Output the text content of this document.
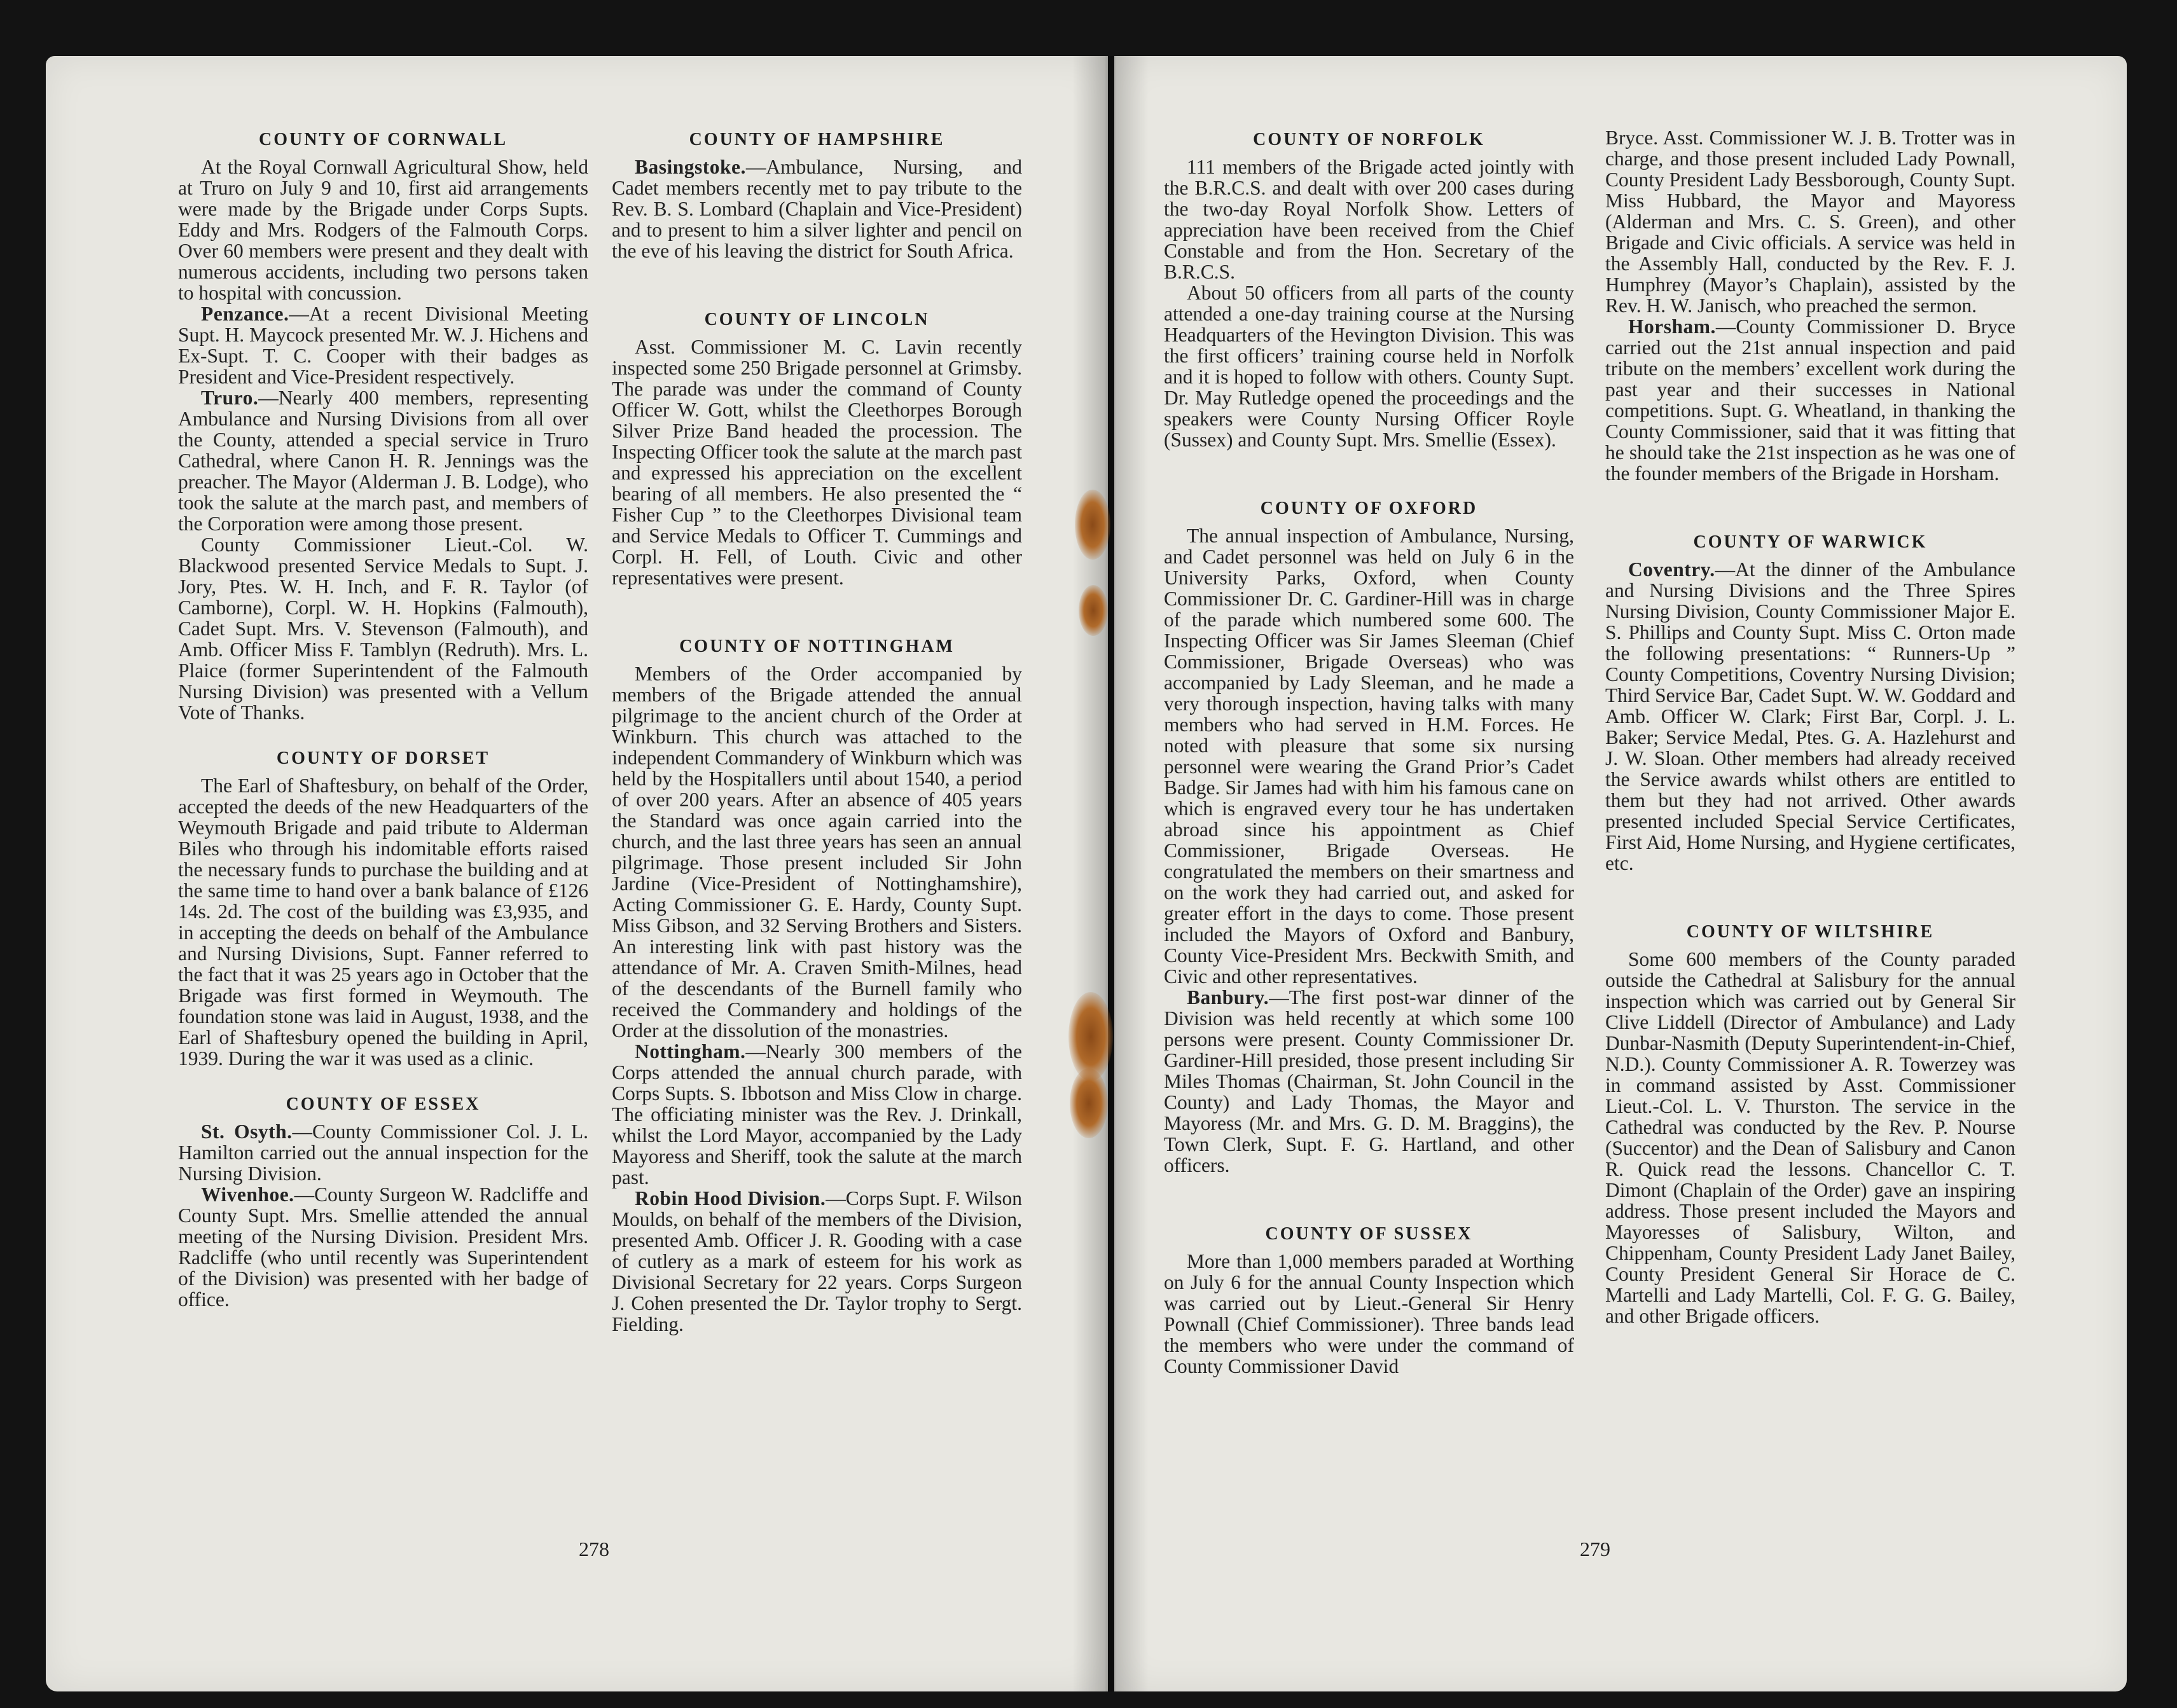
COUNTY OF CORNWALL

At the Royal Cornwall Agricultural Show, held at Truro on July 9 and 10, first aid arrangements were made by the Brigade under Corps Supts. Eddy and Mrs. Rodgers of the Falmouth Corps. Over 60 members were present and they dealt with numerous accidents, including two persons taken to hospital with concussion.

Penzance.—At a recent Divisional Meeting Supt. H. Maycock presented Mr. W. J. Hichens and Ex-Supt. T. C. Cooper with their badges as President and Vice-President respectively.

Truro.—Nearly 400 members, representing Ambulance and Nursing Divisions from all over the County, attended a special service in Truro Cathedral, where Canon H. R. Jennings was the preacher. The Mayor (Alderman J. B. Lodge), who took the salute at the march past, and members of the Corporation were among those present.

County Commissioner Lieut.-Col. W. Blackwood presented Service Medals to Supt. J. Jory, Ptes. W. H. Inch, and F. R. Taylor (of Camborne), Corpl. W. H. Hopkins (Falmouth), Cadet Supt. Mrs. V. Stevenson (Falmouth), and Amb. Officer Miss F. Tamblyn (Redruth). Mrs. L. Plaice (former Superintendent of the Falmouth Nursing Division) was presented with a Vellum Vote of Thanks.

COUNTY OF DORSET

The Earl of Shaftesbury, on behalf of the Order, accepted the deeds of the new Headquarters of the Weymouth Brigade and paid tribute to Alderman Biles who through his indomitable efforts raised the necessary funds to purchase the building and at the same time to hand over a bank balance of £126 14s. 2d. The cost of the building was £3,935, and in accepting the deeds on behalf of the Ambulance and Nursing Divisions, Supt. Fanner referred to the fact that it was 25 years ago in October that the Brigade was first formed in Weymouth. The foundation stone was laid in August, 1938, and the Earl of Shaftesbury opened the building in April, 1939. During the war it was used as a clinic.

COUNTY OF ESSEX

St. Osyth.—County Commissioner Col. J. L. Hamilton carried out the annual inspection for the Nursing Division.

Wivenhoe.—County Surgeon W. Radcliffe and County Supt. Mrs. Smellie attended the annual meeting of the Nursing Division. President Mrs. Radcliffe (who until recently was Superintendent of the Division) was presented with her badge of office.

COUNTY OF HAMPSHIRE

Basingstoke.—Ambulance, Nursing, and Cadet members recently met to pay tribute to the Rev. B. S. Lombard (Chaplain and Vice-President) and to present to him a silver lighter and pencil on the eve of his leaving the district for South Africa.

COUNTY OF LINCOLN

Asst. Commissioner M. C. Lavin recently inspected some 250 Brigade personnel at Grimsby. The parade was under the command of County Officer W. Gott, whilst the Cleethorpes Borough Silver Prize Band headed the procession. The Inspecting Officer took the salute at the march past and expressed his appreciation on the excellent bearing of all members. He also presented the “ Fisher Cup ” to the Cleethorpes Divisional team and Service Medals to Officer T. Cummings and Corpl. H. Fell, of Louth. Civic and other representatives were present.

COUNTY OF NOTTINGHAM

Members of the Order accompanied by members of the Brigade attended the annual pilgrimage to the ancient church of the Order at Winkburn. This church was attached to the independent Commandery of Winkburn which was held by the Hospitallers until about 1540, a period of over 200 years. After an absence of 405 years the Standard was once again carried into the church, and the last three years has seen an annual pilgrimage. Those present included Sir John Jardine (Vice-President of Nottinghamshire), Acting Commissioner G. E. Hardy, County Supt. Miss Gibson, and 32 Serving Brothers and Sisters. An interesting link with past history was the attendance of Mr. A. Craven Smith-Milnes, head of the descendants of the Burnell family who received the Commandery and holdings of the Order at the dissolution of the monastries.

Nottingham.—Nearly 300 members of the Corps attended the annual church parade, with Corps Supts. S. Ibbotson and Miss Clow in charge. The officiating minister was the Rev. J. Drinkall, whilst the Lord Mayor, accompanied by the Lady Mayoress and Sheriff, took the salute at the march past.

Robin Hood Division.—Corps Supt. F. Wilson Moulds, on behalf of the members of the Division, presented Amb. Officer J. R. Gooding with a case of cutlery as a mark of esteem for his work as Divisional Secretary for 22 years. Corps Surgeon J. Cohen presented the Dr. Taylor trophy to Sergt. Fielding.

278
COUNTY OF NORFOLK

111 members of the Brigade acted jointly with the B.R.C.S. and dealt with over 200 cases during the two-day Royal Norfolk Show. Letters of appreciation have been received from the Chief Constable and from the Hon. Secretary of the B.R.C.S.

About 50 officers from all parts of the county attended a one-day training course at the Nursing Headquarters of the Hevington Division. This was the first officers’ training course held in Norfolk and it is hoped to follow with others. County Supt. Dr. May Rutledge opened the proceedings and the speakers were County Nursing Officer Royle (Sussex) and County Supt. Mrs. Smellie (Essex).

COUNTY OF OXFORD

The annual inspection of Ambulance, Nursing, and Cadet personnel was held on July 6 in the University Parks, Oxford, when County Commissioner Dr. C. Gardiner-Hill was in charge of the parade which numbered some 600. The Inspecting Officer was Sir James Sleeman (Chief Commissioner, Brigade Overseas) who was accompanied by Lady Sleeman, and he made a very thorough inspection, having talks with many members who had served in H.M. Forces. He noted with pleasure that some six nursing personnel were wearing the Grand Prior’s Cadet Badge. Sir James had with him his famous cane on which is engraved every tour he has undertaken abroad since his appointment as Chief Commissioner, Brigade Overseas. He congratulated the members on their smartness and on the work they had carried out, and asked for greater effort in the days to come. Those present included the Mayors of Oxford and Banbury, County Vice-President Mrs. Beckwith Smith, and Civic and other representatives.

Banbury.—The first post-war dinner of the Division was held recently at which some 100 persons were present. County Commissioner Dr. Gardiner-Hill presided, those present including Sir Miles Thomas (Chairman, St. John Council in the County) and Lady Thomas, the Mayor and Mayoress (Mr. and Mrs. G. D. M. Braggins), the Town Clerk, Supt. F. G. Hartland, and other officers.

COUNTY OF SUSSEX

More than 1,000 members paraded at Worthing on July 6 for the annual County Inspection which was carried out by Lieut.-General Sir Henry Pownall (Chief Commissioner). Three bands lead the members who were under the command of County Commissioner David

Bryce. Asst. Commissioner W. J. B. Trotter was in charge, and those present included Lady Pownall, County President Lady Bessborough, County Supt. Miss Hubbard, the Mayor and Mayoress (Alderman and Mrs. C. S. Green), and other Brigade and Civic officials. A service was held in the Assembly Hall, conducted by the Rev. F. J. Humphrey (Mayor’s Chaplain), assisted by the Rev. H. W. Janisch, who preached the sermon.

Horsham.—County Commissioner D. Bryce carried out the 21st annual inspection and paid tribute on the members’ excellent work during the past year and their successes in National competitions. Supt. G. Wheatland, in thanking the County Commissioner, said that it was fitting that he should take the 21st inspection as he was one of the founder members of the Brigade in Horsham.

COUNTY OF WARWICK

Coventry.—At the dinner of the Ambulance and Nursing Divisions and the Three Spires Nursing Division, County Commissioner Major E. S. Phillips and County Supt. Miss C. Orton made the following presentations: “ Runners-Up ” County Competitions, Coventry Nursing Division; Third Service Bar, Cadet Supt. W. W. Goddard and Amb. Officer W. Clark; First Bar, Corpl. J. L. Baker; Service Medal, Ptes. G. A. Hazlehurst and J. W. Sloan. Other members had already received the Service awards whilst others are entitled to them but they had not arrived. Other awards presented included Special Service Certificates, First Aid, Home Nursing, and Hygiene certificates, etc.

COUNTY OF WILTSHIRE

Some 600 members of the County paraded outside the Cathedral at Salisbury for the annual inspection which was carried out by General Sir Clive Liddell (Director of Ambulance) and Lady Dunbar-Nasmith (Deputy Superintendent-in-Chief, N.D.). County Commissioner A. R. Towerzey was in command assisted by Asst. Commissioner Lieut.-Col. L. V. Thurston. The service in the Cathedral was conducted by the Rev. P. Nourse (Succentor) and the Dean of Salisbury and Canon R. Quick read the lessons. Chancellor C. T. Dimont (Chaplain of the Order) gave an inspiring address. Those present included the Mayors and Mayoresses of Salisbury, Wilton, and Chippenham, County President Lady Janet Bailey, County President General Sir Horace de C. Martelli and Lady Martelli, Col. F. G. G. Bailey, and other Brigade officers.

279
